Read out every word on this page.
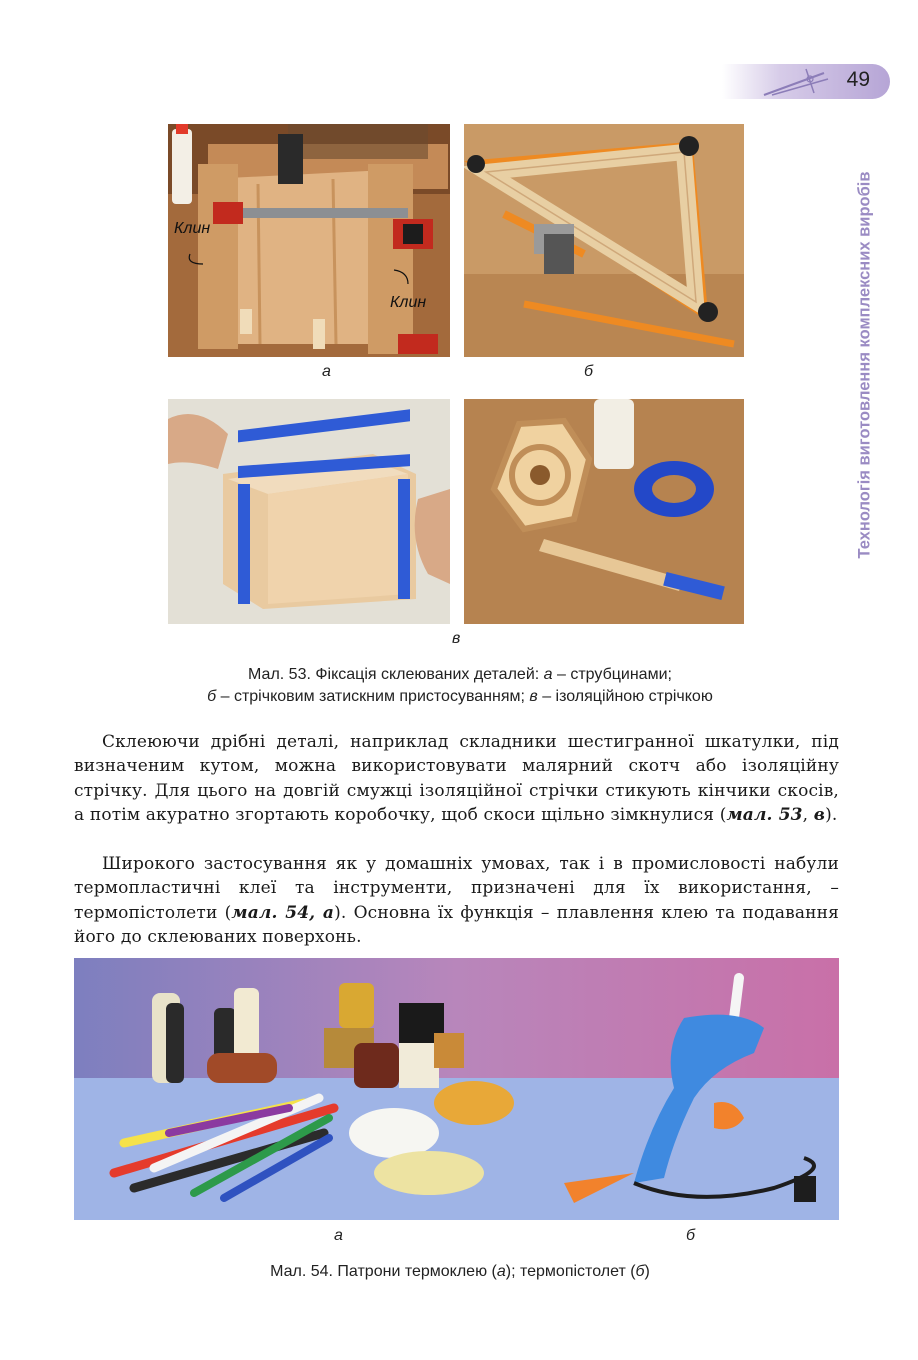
49
Технологія виготовлення комплексних виробів
Клин
Клин
а	б
в
Мал. 53. Фіксація склеюваних деталей: а – струбцинами;
б – стрічковим затискним пристосуванням; в – ізоляційною стрічкою
Склеюючи дрібні деталі, наприклад складники шестигранної шкатулки, під визначеним кутом, можна використовувати малярний скотч або ізоляційну стрічку. Для цього на довгій смужці ізоляційної стрічки стикують кінчики скосів, а потім акуратно згортають коробочку, щоб скоси щільно зімкнулися (мал. 53, в).
Широкого застосування як у домашніх умовах, так і в промисловості набули термопластичні клеї та інструменти, призначені для їх використання, – термопістолети (мал. 54, а). Основна їх функція – плавлення клею та подавання його до склеюваних поверхонь.
а	б
Мал. 54. Патрони термоклею (а); термопістолет (б)
